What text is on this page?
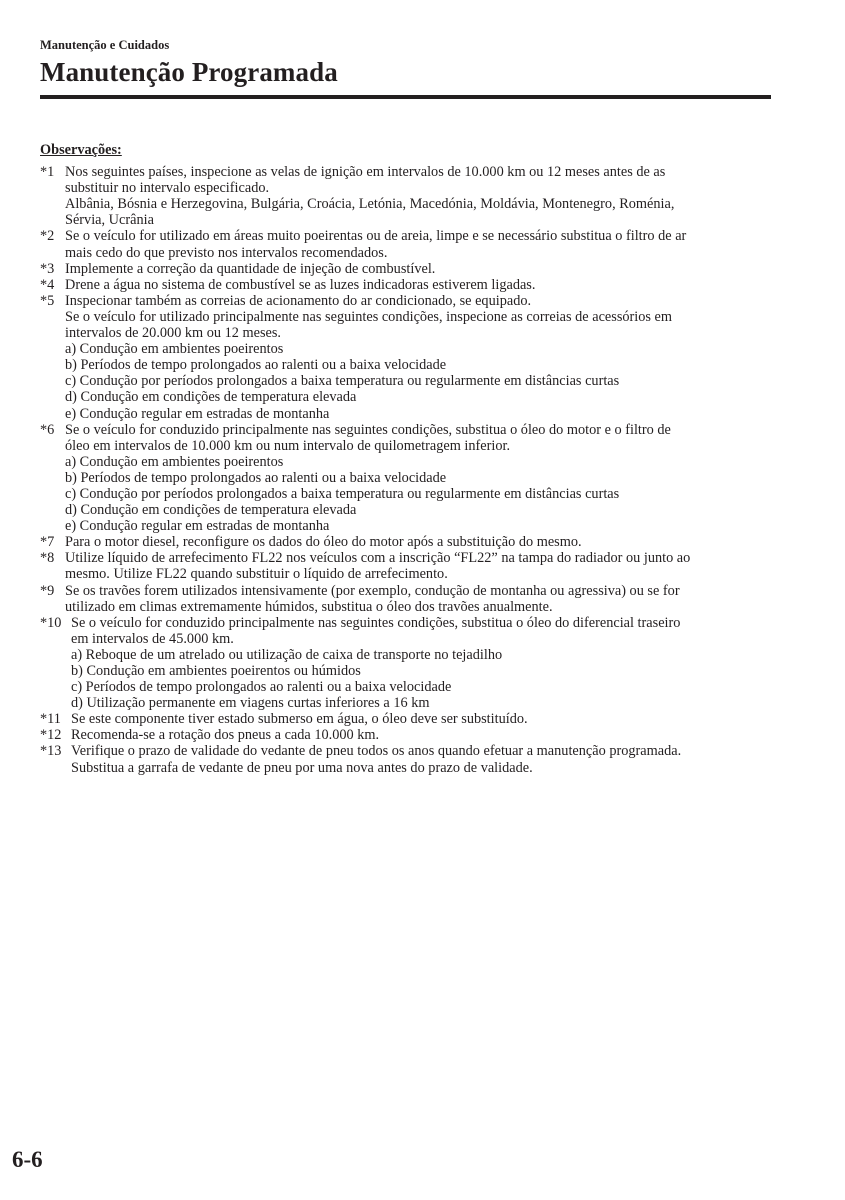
Manutenção e Cuidados
Manutenção Programada
Observações:
*1 Nos seguintes países, inspecione as velas de ignição em intervalos de 10.000 km ou 12 meses antes de as
substituir no intervalo especificado.
Albânia, Bósnia e Herzegovina, Bulgária, Croácia, Letónia, Macedónia, Moldávia, Montenegro, Roménia,
Sérvia, Ucrânia
*2 Se o veículo for utilizado em áreas muito poeirentas ou de areia, limpe e se necessário substitua o filtro de ar
mais cedo do que previsto nos intervalos recomendados.
*3 Implemente a correção da quantidade de injeção de combustível.
*4 Drene a água no sistema de combustível se as luzes indicadoras estiverem ligadas.
*5 Inspecionar também as correias de acionamento do ar condicionado, se equipado.
Se o veículo for utilizado principalmente nas seguintes condições, inspecione as correias de acessórios em
intervalos de 20.000 km ou 12 meses.
a) Condução em ambientes poeirentos
b) Períodos de tempo prolongados ao ralenti ou a baixa velocidade
c) Condução por períodos prolongados a baixa temperatura ou regularmente em distâncias curtas
d) Condução em condições de temperatura elevada
e) Condução regular em estradas de montanha
*6 Se o veículo for conduzido principalmente nas seguintes condições, substitua o óleo do motor e o filtro de
óleo em intervalos de 10.000 km ou num intervalo de quilometragem inferior.
a) Condução em ambientes poeirentos
b) Períodos de tempo prolongados ao ralenti ou a baixa velocidade
c) Condução por períodos prolongados a baixa temperatura ou regularmente em distâncias curtas
d) Condução em condições de temperatura elevada
e) Condução regular em estradas de montanha
*7 Para o motor diesel, reconfigure os dados do óleo do motor após a substituição do mesmo.
*8 Utilize líquido de arrefecimento FL22 nos veículos com a inscrição “FL22” na tampa do radiador ou junto ao
mesmo. Utilize FL22 quando substituir o líquido de arrefecimento.
*9 Se os travões forem utilizados intensivamente (por exemplo, condução de montanha ou agressiva) ou se for
utilizado em climas extremamente húmidos, substitua o óleo dos travões anualmente.
*10 Se o veículo for conduzido principalmente nas seguintes condições, substitua o óleo do diferencial traseiro
em intervalos de 45.000 km.
a) Reboque de um atrelado ou utilização de caixa de transporte no tejadilho
b) Condução em ambientes poeirentos ou húmidos
c) Períodos de tempo prolongados ao ralenti ou a baixa velocidade
d) Utilização permanente em viagens curtas inferiores a 16 km
*11 Se este componente tiver estado submerso em água, o óleo deve ser substituído.
*12 Recomenda-se a rotação dos pneus a cada 10.000 km.
*13 Verifique o prazo de validade do vedante de pneu todos os anos quando efetuar a manutenção programada.
Substitua a garrafa de vedante de pneu por uma nova antes do prazo de validade.
6-6
